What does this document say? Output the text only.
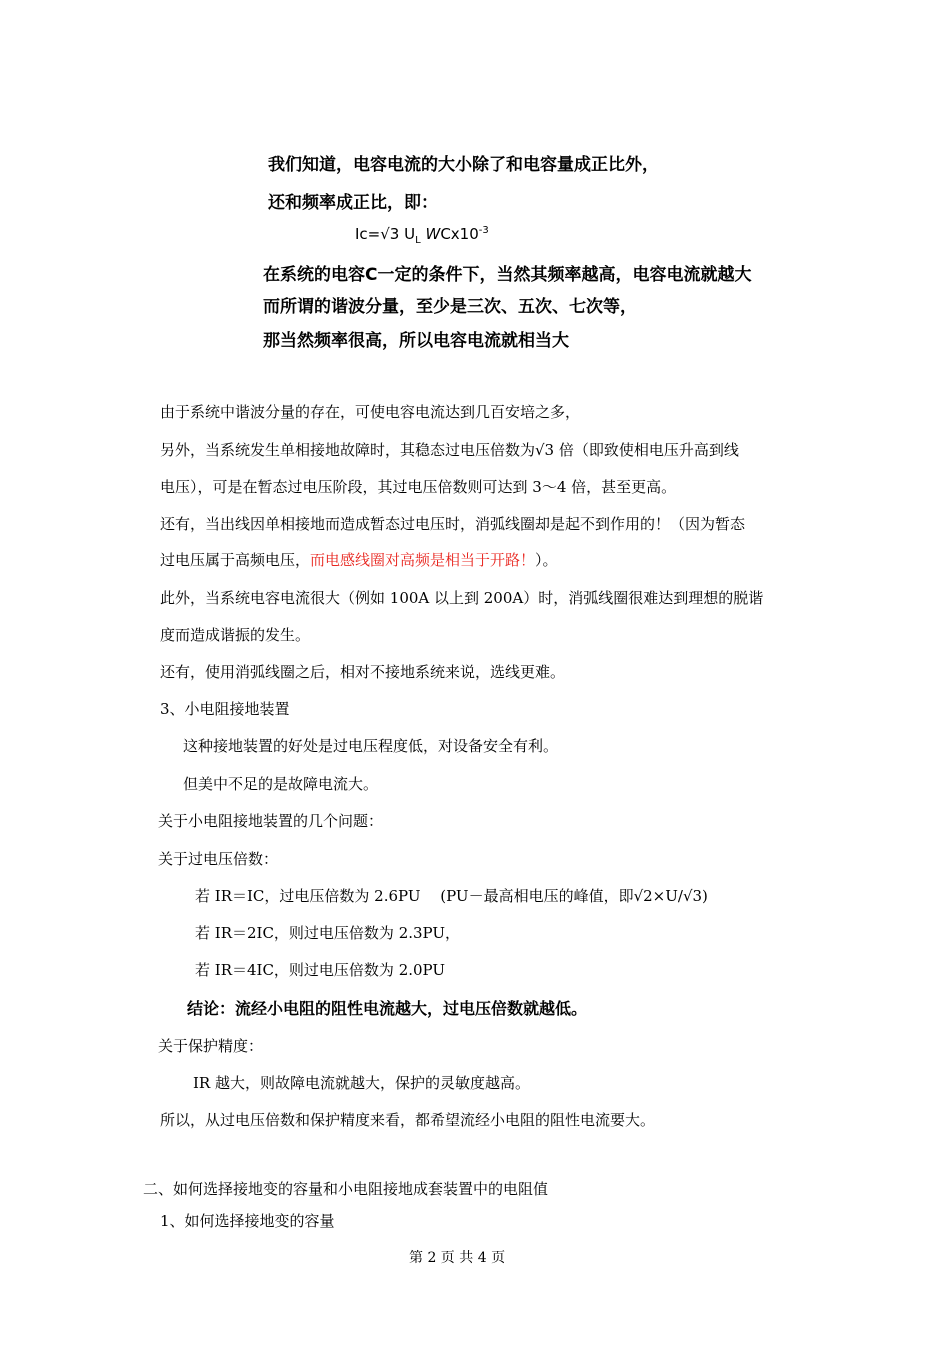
我们知道，电容电流的大小除了和电容量成正比外，
还和频率成正比，即：
Ic=√3 $U_L$ $WCx10^{-3}$
在系统的电容C一定的条件下，当然其频率越高，电容电流就越大
而所谓的谐波分量，至少是三次、五次、七次等，
那当然频率很高，所以电容电流就相当大
由于系统中谐波分量的存在，可使电容电流达到几百安培之多，
另外，当系统发生单相接地故障时，其稳态过电压倍数为√3 倍（即致使相电压升高到线
电压），可是在暂态过电压阶段，其过电压倍数则可达到 3～4 倍，甚至更高。
还有，当出线因单相接地而造成暂态过电压时，消弧线圈却是起不到作用的！（因为暂态
过电压属于高频电压，而电感线圈对高频是相当于开路！）。
此外，当系统电容电流很大（例如 100A 以上到 200A）时，消弧线圈很难达到理想的脱谐
度而造成谐振的发生。
还有，使用消弧线圈之后，相对不接地系统来说，选线更难。
3、小电阻接地装置
这种接地装置的好处是过电压程度低，对设备安全有利。
但美中不足的是故障电流大。
关于小电阻接地装置的几个问题：
关于过电压倍数：
若 IR＝IC，过电压倍数为 2.6PU　 (PU－最高相电压的峰值，即√2×U/√3)
若 IR＝2IC，则过电压倍数为 2.3PU，
若 IR＝4IC，则过电压倍数为 2.0PU
结论：流经小电阻的阻性电流越大，过电压倍数就越低。
关于保护精度：
IR 越大，则故障电流就越大，保护的灵敏度越高。
所以，从过电压倍数和保护精度来看，都希望流经小电阻的阻性电流要大。
二、如何选择接地变的容量和小电阻接地成套装置中的电阻值
1、如何选择接地变的容量
第 2 页 共 4 页
